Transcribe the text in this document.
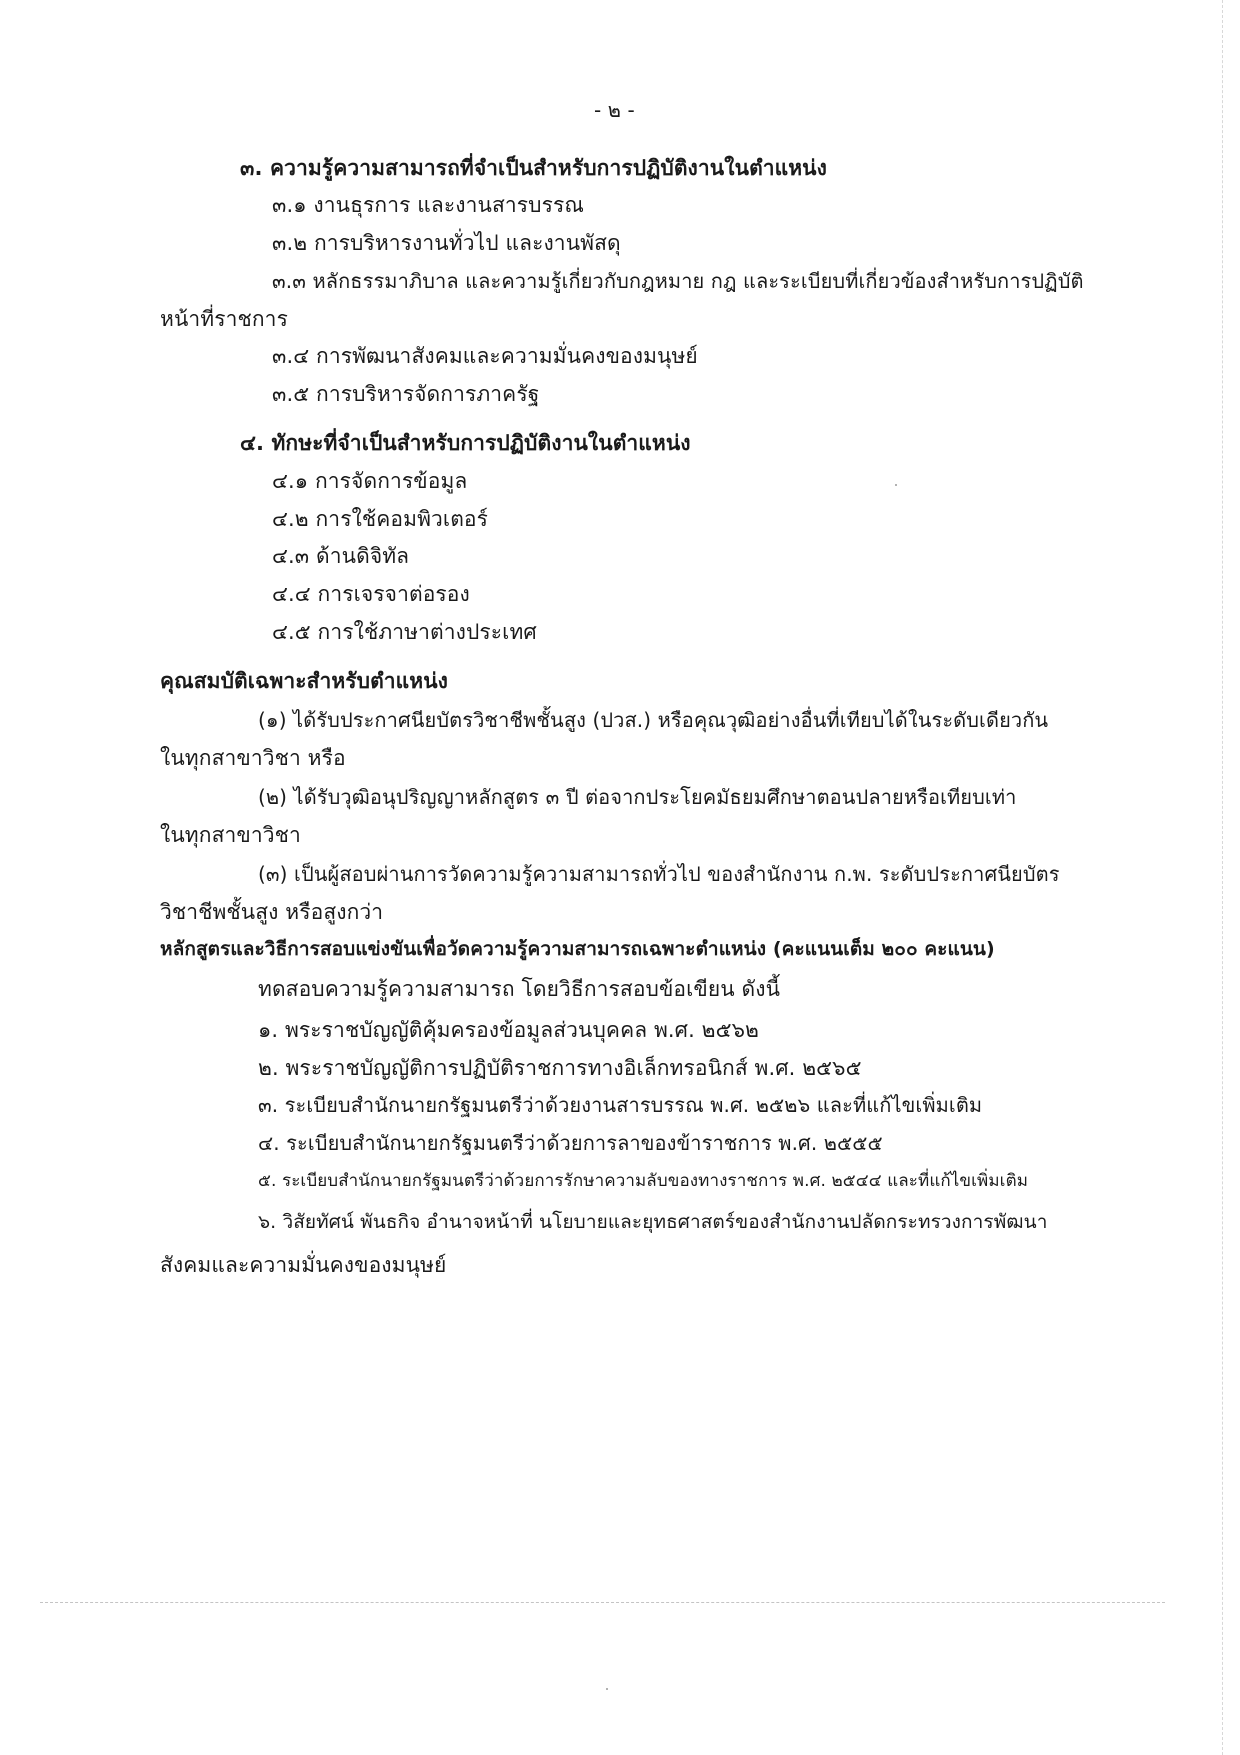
- ๒ -
๓. ความรู้ความสามารถที่จำเป็นสำหรับการปฏิบัติงานในตำแหน่ง
๓.๑ งานธุรการ และงานสารบรรณ
๓.๒ การบริหารงานทั่วไป และงานพัสดุ
๓.๓ หลักธรรมาภิบาล และความรู้เกี่ยวกับกฎหมาย กฎ และระเบียบที่เกี่ยวข้องสำหรับการปฏิบัติ
หน้าที่ราชการ
๓.๔ การพัฒนาสังคมและความมั่นคงของมนุษย์
๓.๕ การบริหารจัดการภาครัฐ
๔. ทักษะที่จำเป็นสำหรับการปฏิบัติงานในตำแหน่ง
๔.๑ การจัดการข้อมูล
๔.๒ การใช้คอมพิวเตอร์
๔.๓ ด้านดิจิทัล
๔.๔ การเจรจาต่อรอง
๔.๕ การใช้ภาษาต่างประเทศ
คุณสมบัติเฉพาะสำหรับตำแหน่ง
(๑) ได้รับประกาศนียบัตรวิชาชีพชั้นสูง (ปวส.) หรือคุณวุฒิอย่างอื่นที่เทียบได้ในระดับเดียวกัน
ในทุกสาขาวิชา หรือ
(๒) ได้รับวุฒิอนุปริญญาหลักสูตร ๓ ปี ต่อจากประโยคมัธยมศึกษาตอนปลายหรือเทียบเท่า
ในทุกสาขาวิชา
(๓) เป็นผู้สอบผ่านการวัดความรู้ความสามารถทั่วไป ของสำนักงาน ก.พ. ระดับประกาศนียบัตร
วิชาชีพชั้นสูง หรือสูงกว่า
หลักสูตรและวิธีการสอบแข่งขันเพื่อวัดความรู้ความสามารถเฉพาะตำแหน่ง (คะแนนเต็ม ๒๐๐ คะแนน)
ทดสอบความรู้ความสามารถ โดยวิธีการสอบข้อเขียน ดังนี้
๑. พระราชบัญญัติคุ้มครองข้อมูลส่วนบุคคล พ.ศ. ๒๕๖๒
๒. พระราชบัญญัติการปฏิบัติราชการทางอิเล็กทรอนิกส์ พ.ศ. ๒๕๖๕
๓. ระเบียบสำนักนายกรัฐมนตรีว่าด้วยงานสารบรรณ พ.ศ. ๒๕๒๖ และที่แก้ไขเพิ่มเติม
๔. ระเบียบสำนักนายกรัฐมนตรีว่าด้วยการลาของข้าราชการ พ.ศ. ๒๕๕๕
๕. ระเบียบสำนักนายกรัฐมนตรีว่าด้วยการรักษาความลับของทางราชการ พ.ศ. ๒๕๔๔ และที่แก้ไขเพิ่มเติม
๖. วิสัยทัศน์ พันธกิจ อำนาจหน้าที่ นโยบายและยุทธศาสตร์ของสำนักงานปลัดกระทรวงการพัฒนา
สังคมและความมั่นคงของมนุษย์
